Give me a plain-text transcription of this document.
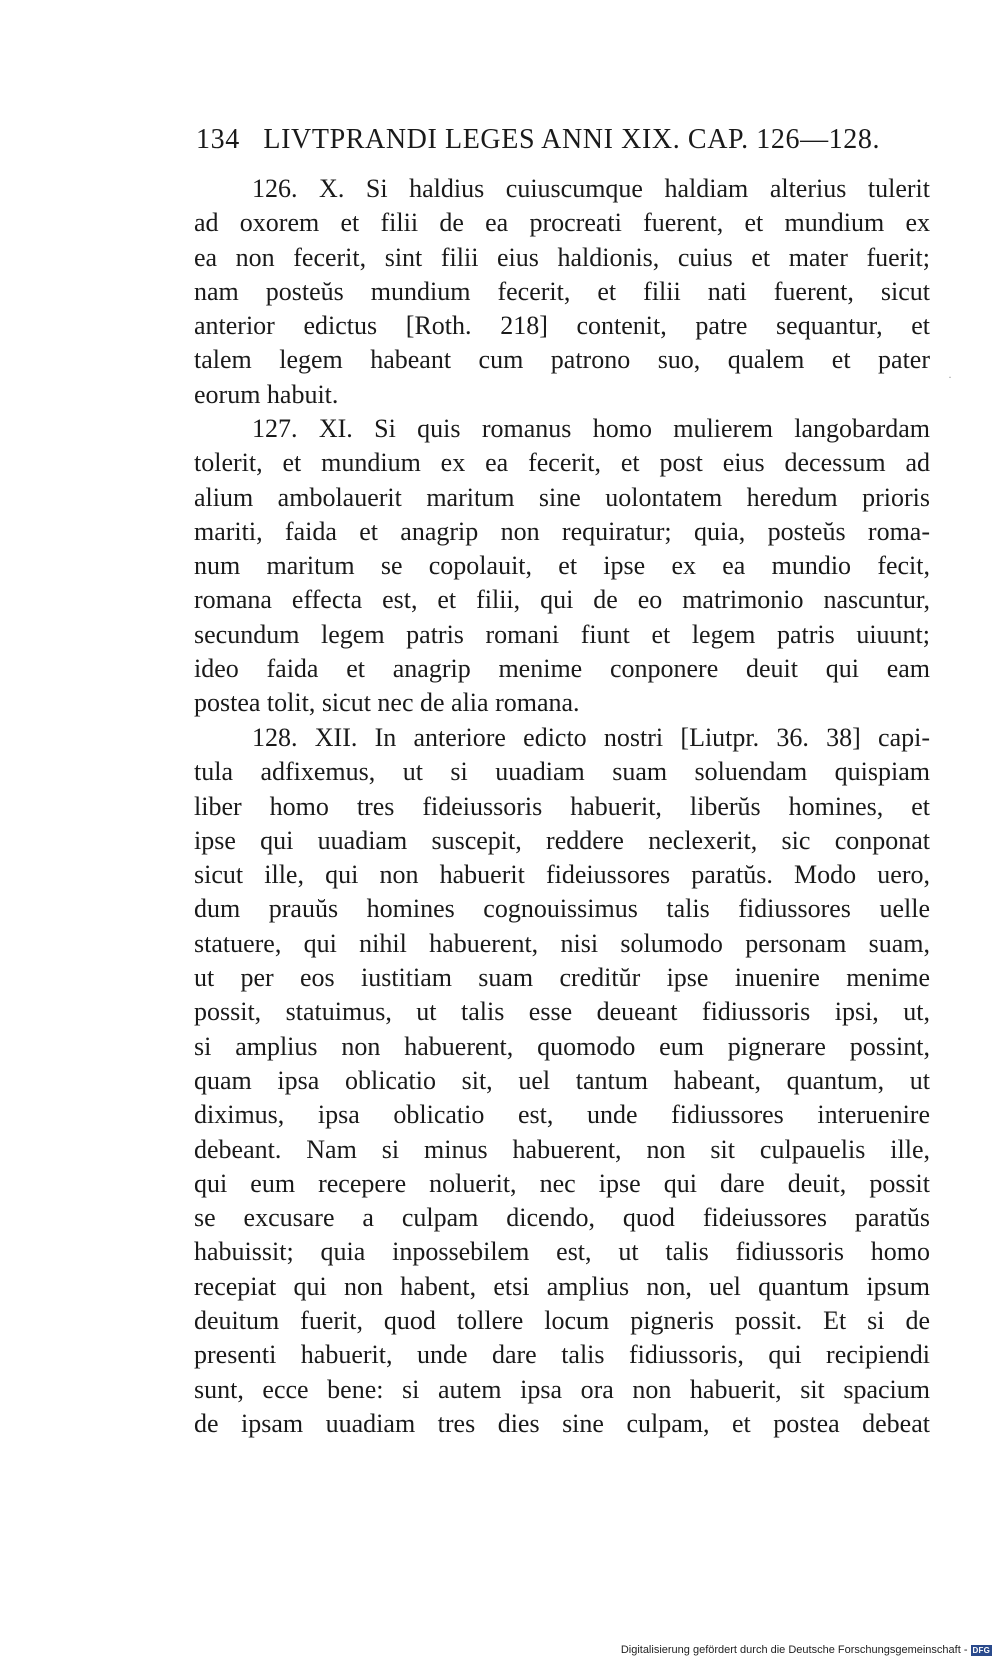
134 LIVTPRANDI LEGES ANNI XIX. CAP. 126—128.
126. X. Si haldius cuiuscumque haldiam alterius tulerit
ad oxorem et filii de ea procreati fuerent, et mundium ex
ea non fecerit, sint filii eius haldionis, cuius et mater fuerit;
nam posteŭs mundium fecerit, et filii nati fuerent, sicut
anterior edictus [Roth. 218] contenit, patre sequantur, et
talem legem habeant cum patrono suo, qualem et pater
eorum habuit.
127. XI. Si quis romanus homo mulierem langobardam
tolerit, et mundium ex ea fecerit, et post eius decessum ad
alium ambolauerit maritum sine uolontatem heredum prioris
mariti, faida et anagrip non requiratur; quia, posteŭs roma-
num maritum se copolauit, et ipse ex ea mundio fecit,
romana effecta est, et filii, qui de eo matrimonio nascuntur,
secundum legem patris romani fiunt et legem patris uiuunt;
ideo faida et anagrip menime conponere deuit qui eam
postea tolit, sicut nec de alia romana.
128. XII. In anteriore edicto nostri [Liutpr. 36. 38] capi-
tula adfixemus, ut si uuadiam suam soluendam quispiam
liber homo tres fideiussoris habuerit, liberŭs homines, et
ipse qui uuadiam suscepit, reddere neclexerit, sic conponat
sicut ille, qui non habuerit fideiussores paratŭs. Modo uero,
dum prauŭs homines cognouissimus talis fidiussores uelle
statuere, qui nihil habuerent, nisi solumodo personam suam,
ut per eos iustitiam suam creditŭr ipse inuenire menime
possit, statuimus, ut talis esse deueant fidiussoris ipsi, ut,
si amplius non habuerent, quomodo eum pignerare possint,
quam ipsa oblicatio sit, uel tantum habeant, quantum, ut
diximus, ipsa oblicatio est, unde fidiussores interuenire
debeant. Nam si minus habuerent, non sit culpauelis ille,
qui eum recepere noluerit, nec ipse qui dare deuit, possit
se excusare a culpam dicendo, quod fideiussores paratŭs
habuissit; quia inpossebilem est, ut talis fidiussoris homo
recepiat qui non habent, etsi amplius non, uel quantum ipsum
deuitum fuerit, quod tollere locum pigneris possit. Et si de
presenti habuerit, unde dare talis fidiussoris, qui recipiendi
sunt, ecce bene: si autem ipsa ora non habuerit, sit spacium
de ipsam uuadiam tres dies sine culpam, et postea debeat
·
Digitalisierung gefördert durch die Deutsche Forschungsgemeinschaft - DFG
